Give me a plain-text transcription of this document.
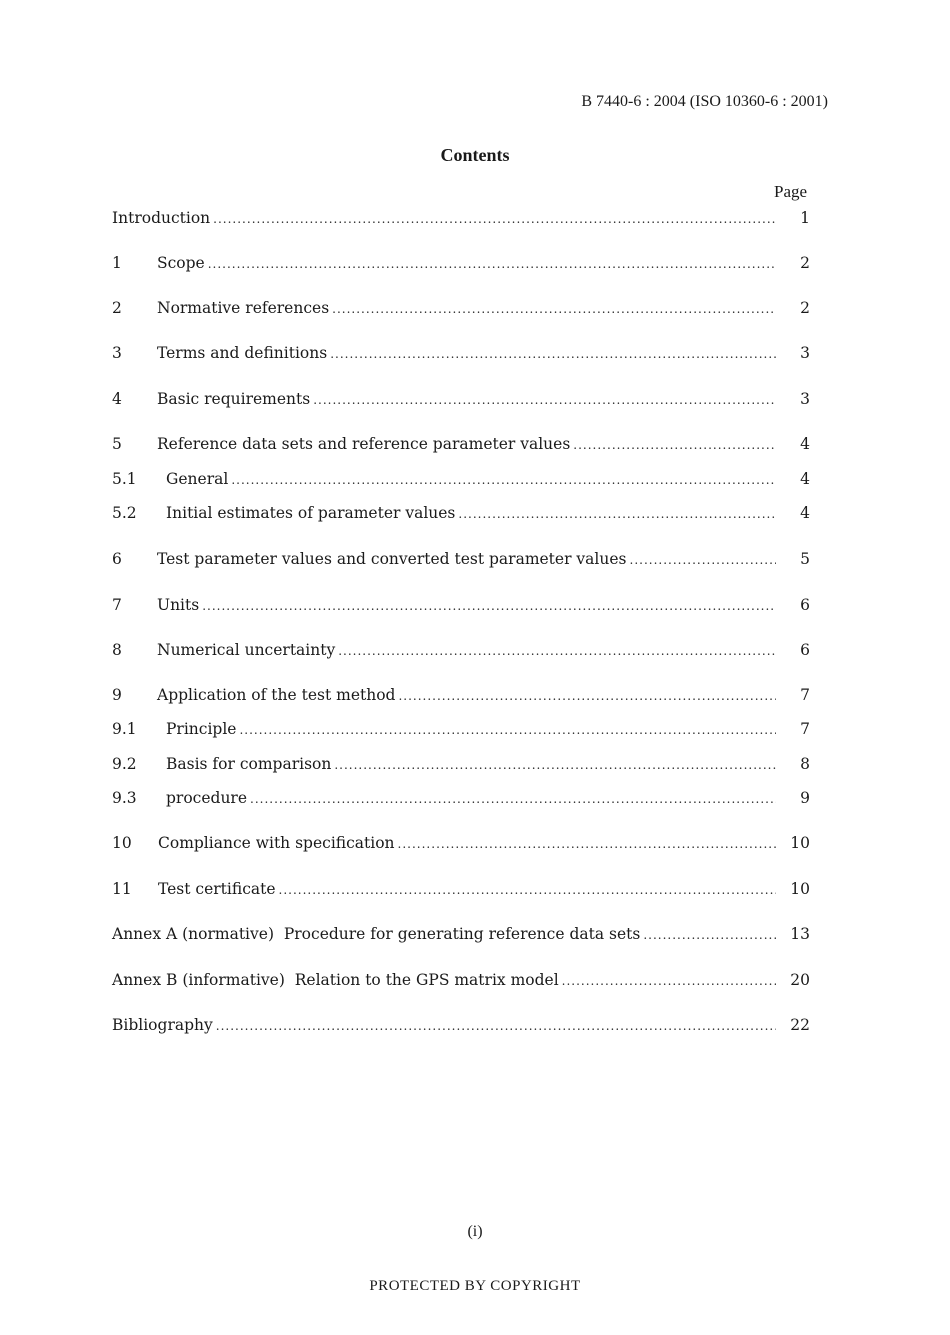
B 7440-6 : 2004 (ISO 10360-6 : 2001)
Contents
Page
Introduction .....	1
1	Scope .....	2
2	Normative references .....	2
3	Terms and definitions .....	3
4	Basic requirements .....	3
5	Reference data sets and reference parameter values .....	4
5.1	General .....	4
5.2	Initial estimates of parameter values .....	4
6	Test parameter values and converted test parameter values .....	5
7	Units .....	6
8	Numerical uncertainty .....	6
9	Application of the test method .....	7
9.1	Principle .....	7
9.2	Basis for comparison .....	8
9.3	procedure .....	9
10	Compliance with specification .....	10
11	Test certificate .....	10
Annex A (normative)  Procedure for generating reference data sets .....	13
Annex B (informative)  Relation to the GPS matrix model .....	20
Bibliography .....	22
(i)
PROTECTED BY COPYRIGHT
